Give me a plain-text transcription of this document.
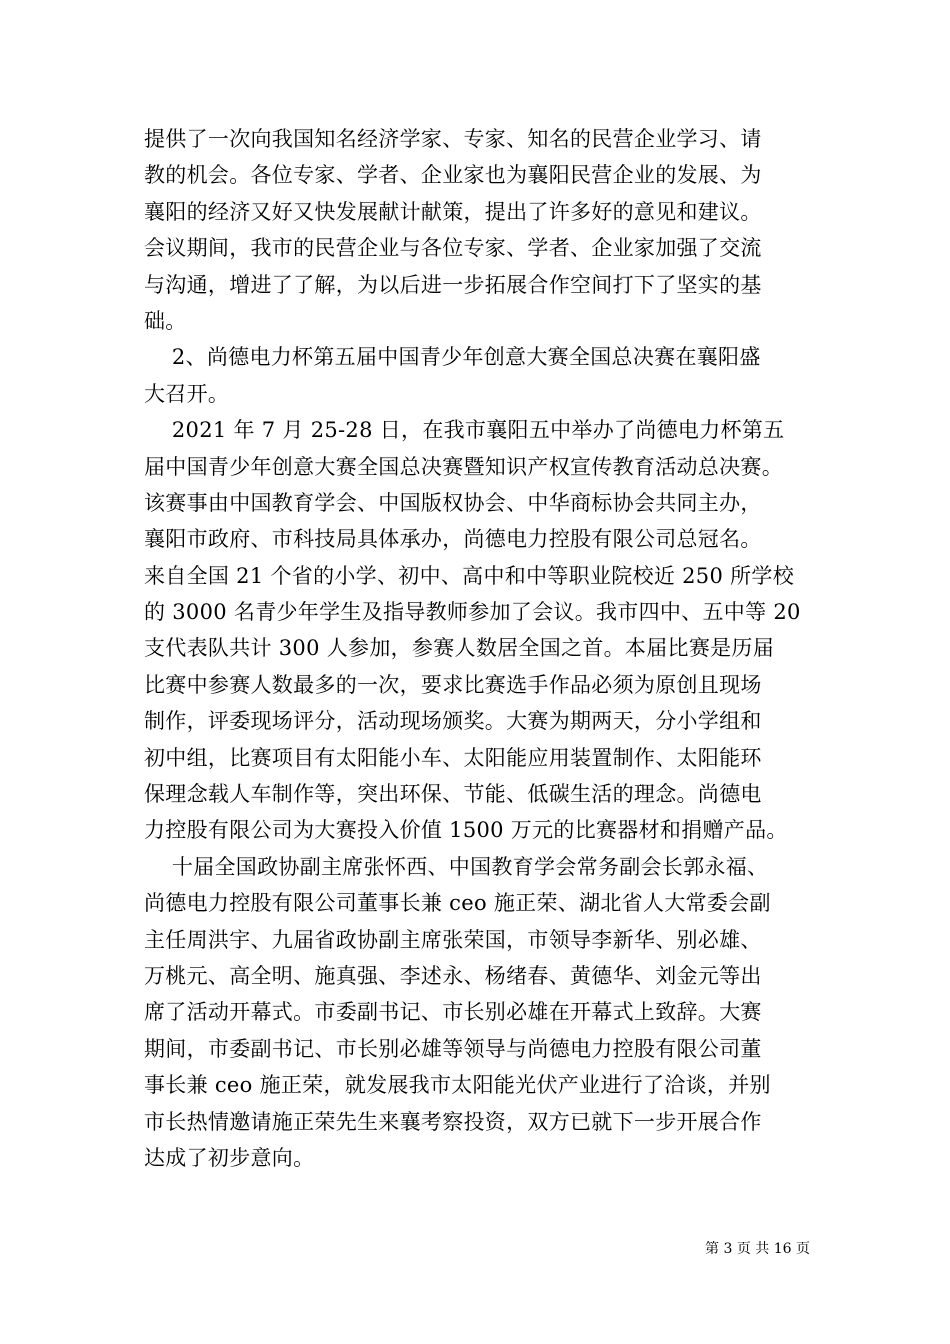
提供了一次向我国知名经济学家、专家、知名的民营企业学习、请
教的机会。各位专家、学者、企业家也为襄阳民营企业的发展、为
襄阳的经济又好又快发展献计献策，提出了许多好的意见和建议。
会议期间，我市的民营企业与各位专家、学者、企业家加强了交流
与沟通，增进了了解，为以后进一步拓展合作空间打下了坚实的基
础。
2、尚德电力杯第五届中国青少年创意大赛全国总决赛在襄阳盛
大召开。
2021 年 7 月 25-28 日，在我市襄阳五中举办了尚德电力杯第五
届中国青少年创意大赛全国总决赛暨知识产权宣传教育活动总决赛。
该赛事由中国教育学会、中国版权协会、中华商标协会共同主办，
襄阳市政府、市科技局具体承办，尚德电力控股有限公司总冠名。
来自全国 21 个省的小学、初中、高中和中等职业院校近 250 所学校
的 3000 名青少年学生及指导教师参加了会议。我市四中、五中等 20
支代表队共计 300 人参加，参赛人数居全国之首。本届比赛是历届
比赛中参赛人数最多的一次，要求比赛选手作品必须为原创且现场
制作，评委现场评分，活动现场颁奖。大赛为期两天，分小学组和
初中组，比赛项目有太阳能小车、太阳能应用装置制作、太阳能环
保理念载人车制作等，突出环保、节能、低碳生活的理念。尚德电
力控股有限公司为大赛投入价值 1500 万元的比赛器材和捐赠产品。
十届全国政协副主席张怀西、中国教育学会常务副会长郭永福、
尚德电力控股有限公司董事长兼 ceo 施正荣、湖北省人大常委会副
主任周洪宇、九届省政协副主席张荣国，市领导李新华、别必雄、
万桃元、高全明、施真强、李述永、杨绪春、黄德华、刘金元等出
席了活动开幕式。市委副书记、市长别必雄在开幕式上致辞。大赛
期间，市委副书记、市长别必雄等领导与尚德电力控股有限公司董
事长兼 ceo 施正荣，就发展我市太阳能光伏产业进行了洽谈，并别
市长热情邀请施正荣先生来襄考察投资，双方已就下一步开展合作
达成了初步意向。
第 3 页 共 16 页
